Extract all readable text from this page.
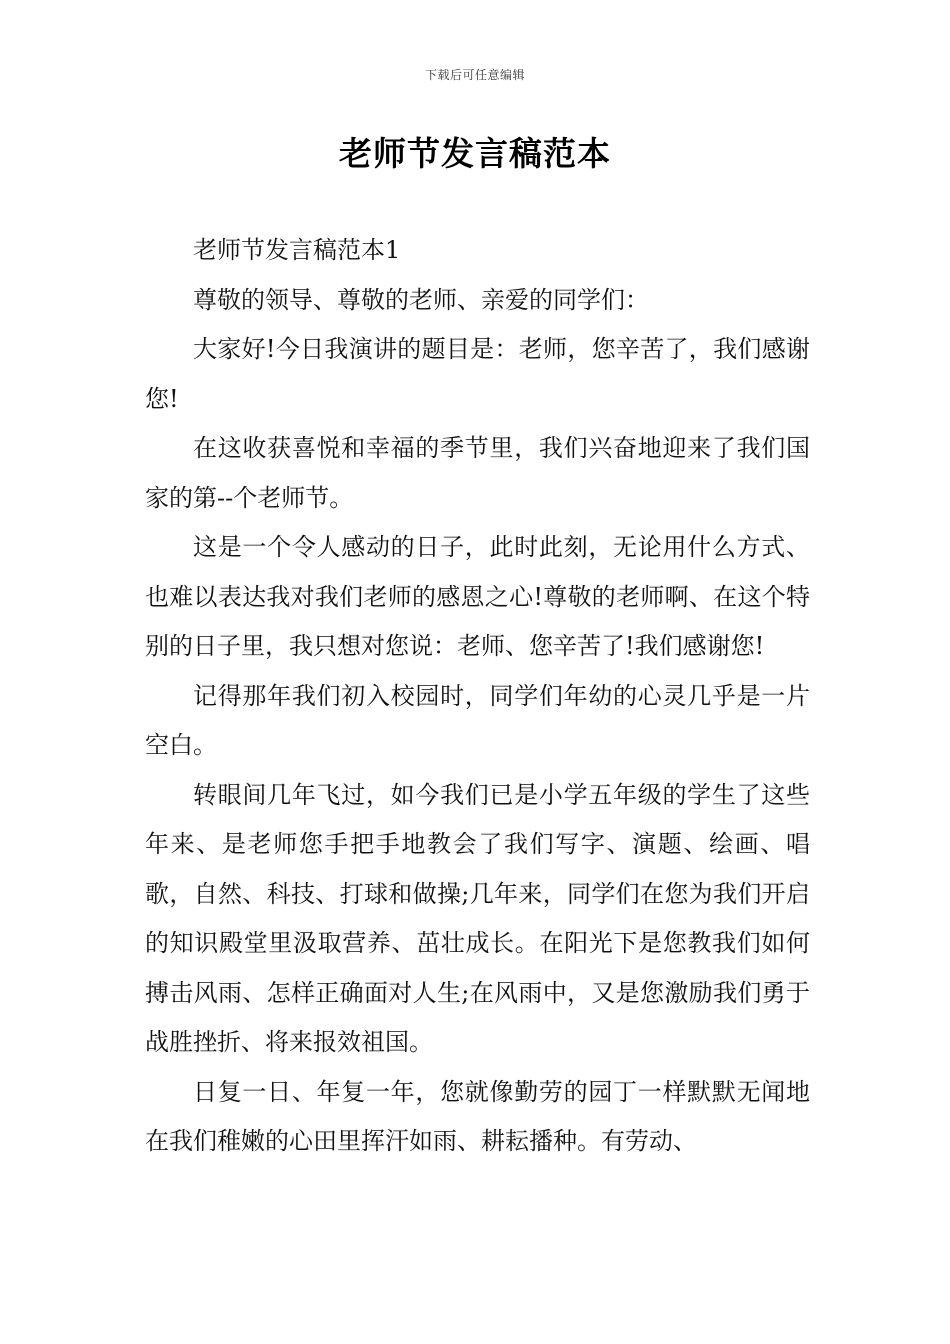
下载后可任意编辑
老师节发言稿范本

老师节发言稿范本1

尊敬的领导、尊敬的老师、亲爱的同学们：

大家好!今日我演讲的题目是：老师，您辛苦了，我们感谢您!

在这收获喜悦和幸福的季节里，我们兴奋地迎来了我们国家的第--个老师节。

这是一个令人感动的日子，此时此刻，无论用什么方式、也难以表达我对我们老师的感恩之心!尊敬的老师啊、在这个特别的日子里，我只想对您说：老师、您辛苦了!我们感谢您!

记得那年我们初入校园时，同学们年幼的心灵几乎是一片空白。

转眼间几年飞过，如今我们已是小学五年级的学生了这些年来、是老师您手把手地教会了我们写字、演题、绘画、唱歌，自然、科技、打球和做操;几年来，同学们在您为我们开启的知识殿堂里汲取营养、茁壮成长。在阳光下是您教我们如何搏击风雨、怎样正确面对人生;在风雨中，又是您激励我们勇于战胜挫折、将来报效祖国。

日复一日、年复一年，您就像勤劳的园丁一样默默无闻地在我们稚嫩的心田里挥汗如雨、耕耘播种。有劳动、
